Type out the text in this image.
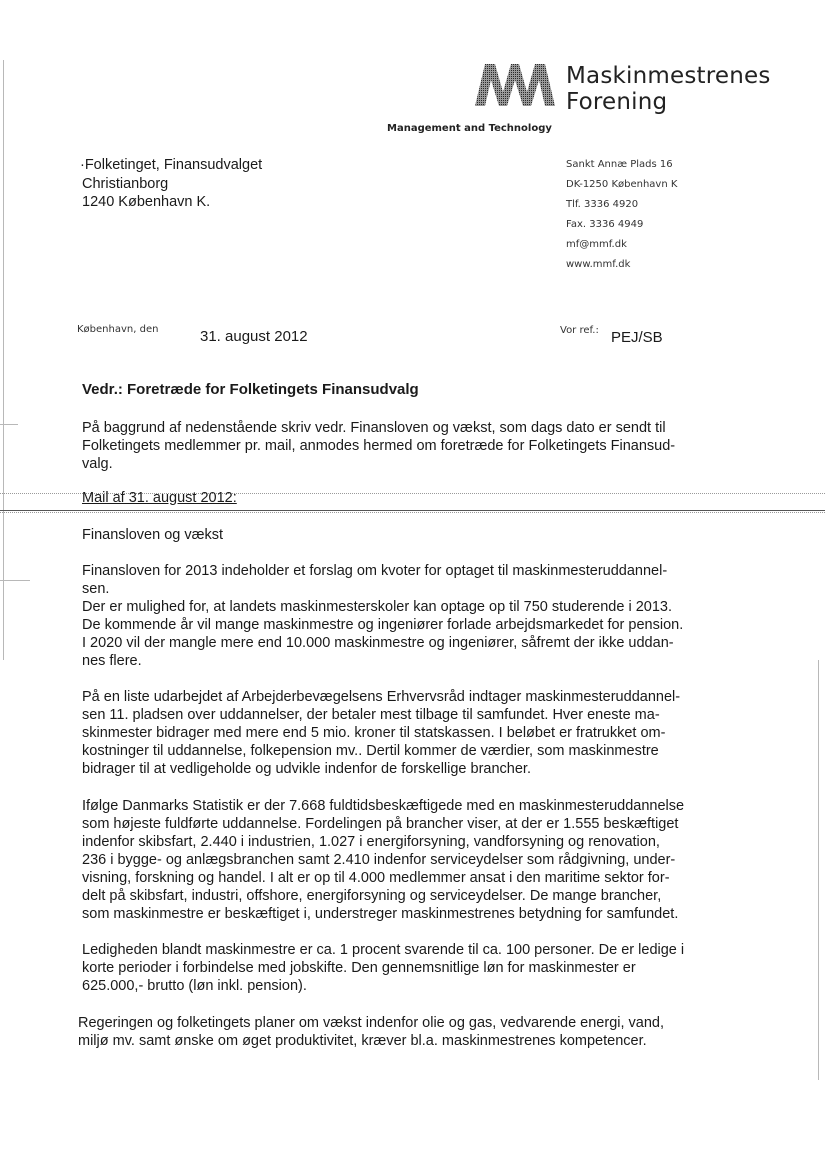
Maskinmestrenes
Forening
Management and Technology
·Folketinget, Finansudvalget
Christianborg
1240 København K.
Sankt Annæ Plads 16
DK-1250 København K
Tlf. 3336 4920
Fax. 3336 4949
mf@mmf.dk
www.mmf.dk
København, den	31. august 2012	Vor ref.: PEJ/SB
Vedr.: Foretræde for Folketingets Finansudvalg
På baggrund af nedenstående skriv vedr. Finansloven og vækst, som dags dato er sendt til
Folketingets medlemmer pr. mail, anmodes hermed om foretræde for Folketingets Finansud-
valg.
Mail af 31. august 2012:
Finansloven og vækst
Finansloven for 2013 indeholder et forslag om kvoter for optaget til maskinmesteruddannel-
sen.
Der er mulighed for, at landets maskinmesterskoler kan optage op til 750 studerende i 2013.
De kommende år vil mange maskinmestre og ingeniører forlade arbejdsmarkedet for pension.
I 2020 vil der mangle mere end 10.000 maskinmestre og ingeniører, såfremt der ikke uddan-
nes flere.
På en liste udarbejdet af Arbejderbevægelsens Erhvervsråd indtager maskinmesteruddannel-
sen 11. pladsen over uddannelser, der betaler mest tilbage til samfundet. Hver eneste ma-
skinmester bidrager med mere end 5 mio. kroner til statskassen. I beløbet er fratrukket om-
kostninger til uddannelse, folkepension mv.. Dertil kommer de værdier, som maskinmestre
bidrager til at vedligeholde og udvikle indenfor de forskellige brancher.
Ifølge Danmarks Statistik er der 7.668 fuldtidsbeskæftigede med en maskinmesteruddannelse
som højeste fuldførte uddannelse. Fordelingen på brancher viser, at der er 1.555 beskæftiget
indenfor skibsfart, 2.440 i industrien, 1.027 i energiforsyning, vandforsyning og renovation,
236 i bygge- og anlægsbranchen samt 2.410 indenfor serviceydelser som rådgivning, under-
visning, forskning og handel. I alt er op til 4.000 medlemmer ansat i den maritime sektor for-
delt på skibsfart, industri, offshore, energiforsyning og serviceydelser. De mange brancher,
som maskinmestre er beskæftiget i, understreger maskinmestrenes betydning for samfundet.
Ledigheden blandt maskinmestre er ca. 1 procent svarende til ca. 100 personer. De er ledige i
korte perioder i forbindelse med jobskifte. Den gennemsnitlige løn for maskinmester er
625.000,- brutto (løn inkl. pension).
Regeringen og folketingets planer om vækst indenfor olie og gas, vedvarende energi, vand,
miljø mv. samt ønske om øget produktivitet, kræver bl.a. maskinmestrenes kompetencer.
